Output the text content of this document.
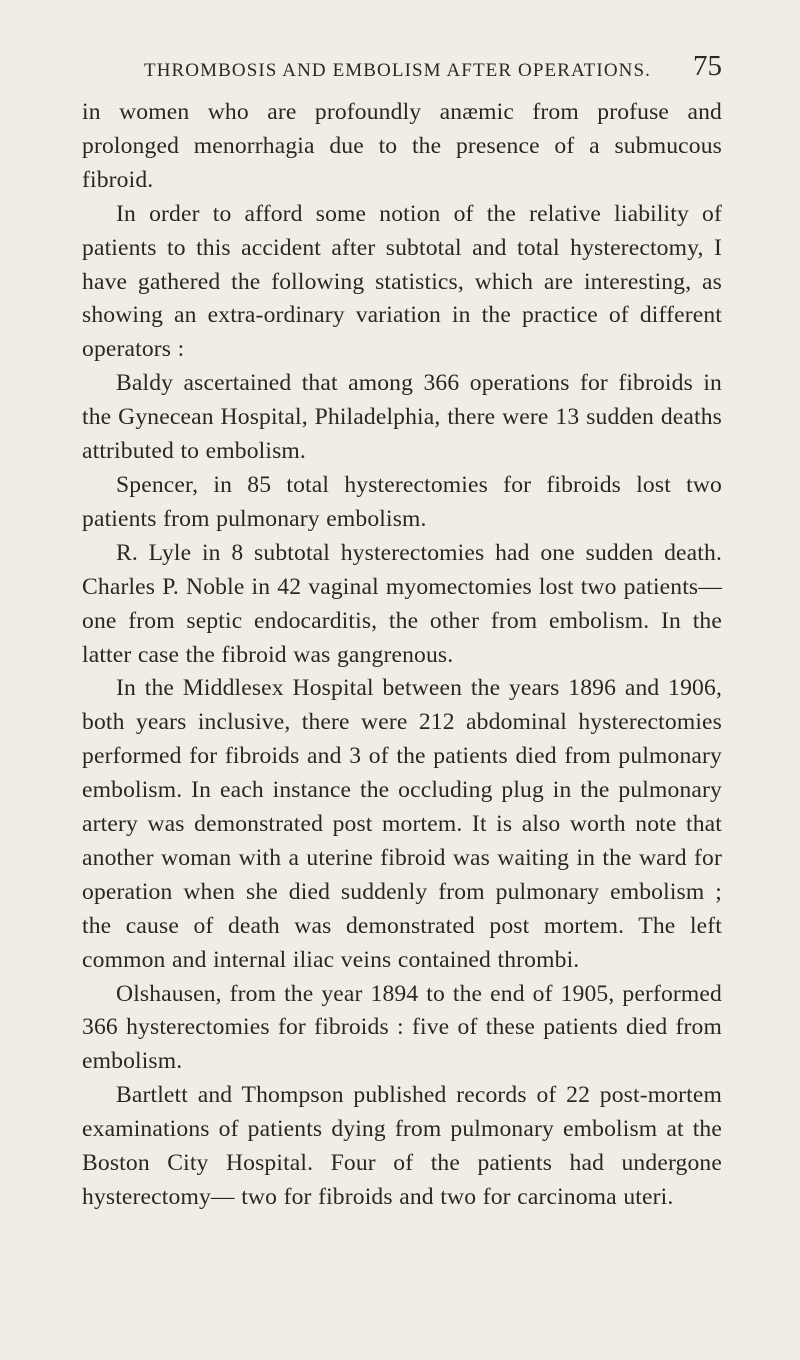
THROMBOSIS AND EMBOLISM AFTER OPERATIONS. 75

in women who are profoundly anæmic from profuse and prolonged menorrhagia due to the presence of a submucous fibroid.

In order to afford some notion of the relative liability of patients to this accident after subtotal and total hysterectomy, I have gathered the following statistics, which are interesting, as showing an extra-ordinary variation in the practice of different operators :

Baldy ascertained that among 366 operations for fibroids in the Gynecean Hospital, Philadelphia, there were 13 sudden deaths attributed to embolism.

Spencer, in 85 total hysterectomies for fibroids lost two patients from pulmonary embolism.

R. Lyle in 8 subtotal hysterectomies had one sudden death. Charles P. Noble in 42 vaginal myomectomies lost two patients—one from septic endocarditis, the other from embolism. In the latter case the fibroid was gangrenous.

In the Middlesex Hospital between the years 1896 and 1906, both years inclusive, there were 212 abdominal hysterectomies performed for fibroids and 3 of the patients died from pulmonary embolism. In each instance the occluding plug in the pulmonary artery was demonstrated post mortem. It is also worth note that another woman with a uterine fibroid was waiting in the ward for operation when she died suddenly from pulmonary embolism ; the cause of death was demonstrated post mortem. The left common and internal iliac veins contained thrombi.

Olshausen, from the year 1894 to the end of 1905, performed 366 hysterectomies for fibroids : five of these patients died from embolism.

Bartlett and Thompson published records of 22 post-mortem examinations of patients dying from pulmonary embolism at the Boston City Hospital. Four of the patients had undergone hysterectomy— two for fibroids and two for carcinoma uteri.
